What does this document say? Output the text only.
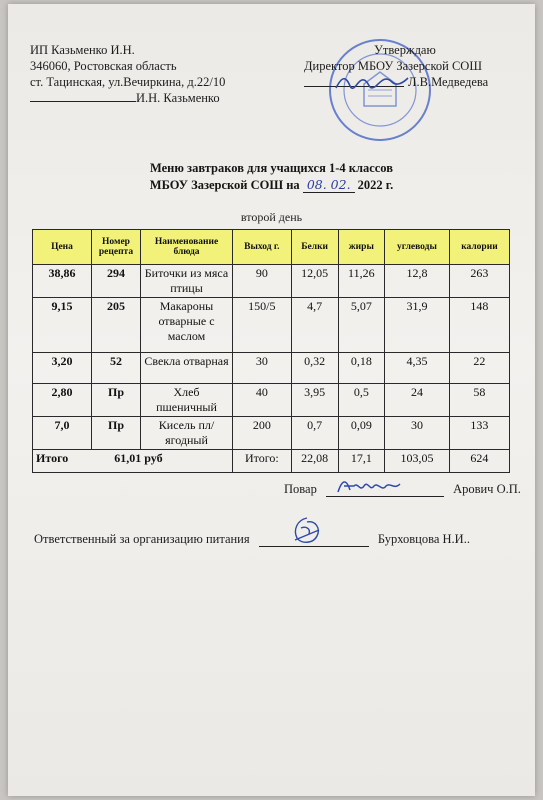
ИП Казьменко И.Н.
346060, Ростовская область
ст. Тацинская, ул.Вечиркина, д.22/10
И.Н. Казьменко
Утверждаю
Директор МБОУ Зазерской СОШ
Л.В.Медведева
Меню завтраков для учащихся 1-4 классов
МБОУ Зазерской СОШ на 08. 02. 2022 г.
второй день
Цена	Номер рецепта	Наименование блюда	Выход г.	Белки	жиры	углеводы	калории
38,86	294	Биточки из мяса птицы	90	12,05	11,26	12,8	263
9,15	205	Макароны отварные с маслом	150/5	4,7	5,07	31,9	148
3,20	52	Свекла отварная	30	0,32	0,18	4,35	22
2,80	Пр	Хлеб пшеничный	40	3,95	0,5	24	58
7,0	Пр	Кисель пл/ягодный	200	0,7	0,09	30	133
Итого 61,01 руб			Итого:	22,08	17,1	103,05	624
Повар	Арович О.П.
Ответственный за организацию питания	Бурховцова Н.И..
